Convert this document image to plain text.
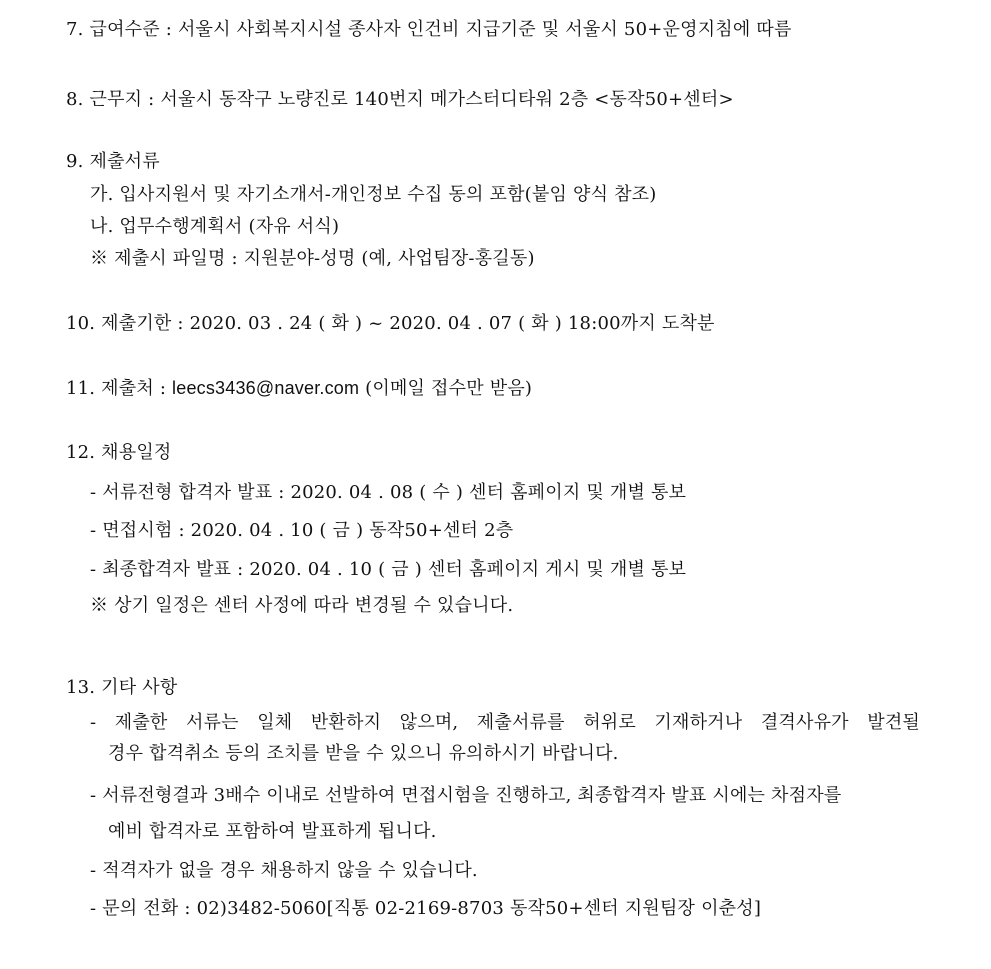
7. 급여수준 : 서울시 사회복지시설 종사자 인건비 지급기준 및 서울시 50+운영지침에 따름
8. 근무지 : 서울시 동작구 노량진로 140번지 메가스터디타워 2층 <동작50+센터>
9. 제출서류
가. 입사지원서 및 자기소개서-개인정보 수집 동의 포함(붙임 양식 참조)
나. 업무수행계획서 (자유 서식)
※ 제출시 파일명 : 지원분야-성명 (예, 사업팀장-홍길동)
10. 제출기한 : 2020. 03 . 24 ( 화 ) ~ 2020. 04 . 07 ( 화 ) 18:00까지 도착분
11. 제출처 : leecs3436@naver.com (이메일 접수만 받음)
12. 채용일정
- 서류전형 합격자 발표 : 2020. 04 . 08 ( 수 ) 센터 홈페이지 및 개별 통보
- 면접시험 : 2020. 04 . 10 ( 금 ) 동작50+센터 2층
- 최종합격자 발표 : 2020. 04 . 10 ( 금 ) 센터 홈페이지 게시 및 개별 통보
※ 상기 일정은 센터 사정에 따라 변경될 수 있습니다.
13. 기타 사항
- 제출한 서류는 일체 반환하지 않으며, 제출서류를 허위로 기재하거나 결격사유가 발견될
경우 합격취소 등의 조치를 받을 수 있으니 유의하시기 바랍니다.
- 서류전형결과 3배수 이내로 선발하여 면접시험을 진행하고, 최종합격자 발표 시에는 차점자를
예비 합격자로 포함하여 발표하게 됩니다.
- 적격자가 없을 경우 채용하지 않을 수 있습니다.
- 문의 전화 : 02)3482-5060[직통 02-2169-8703 동작50+센터 지원팀장 이춘성]
